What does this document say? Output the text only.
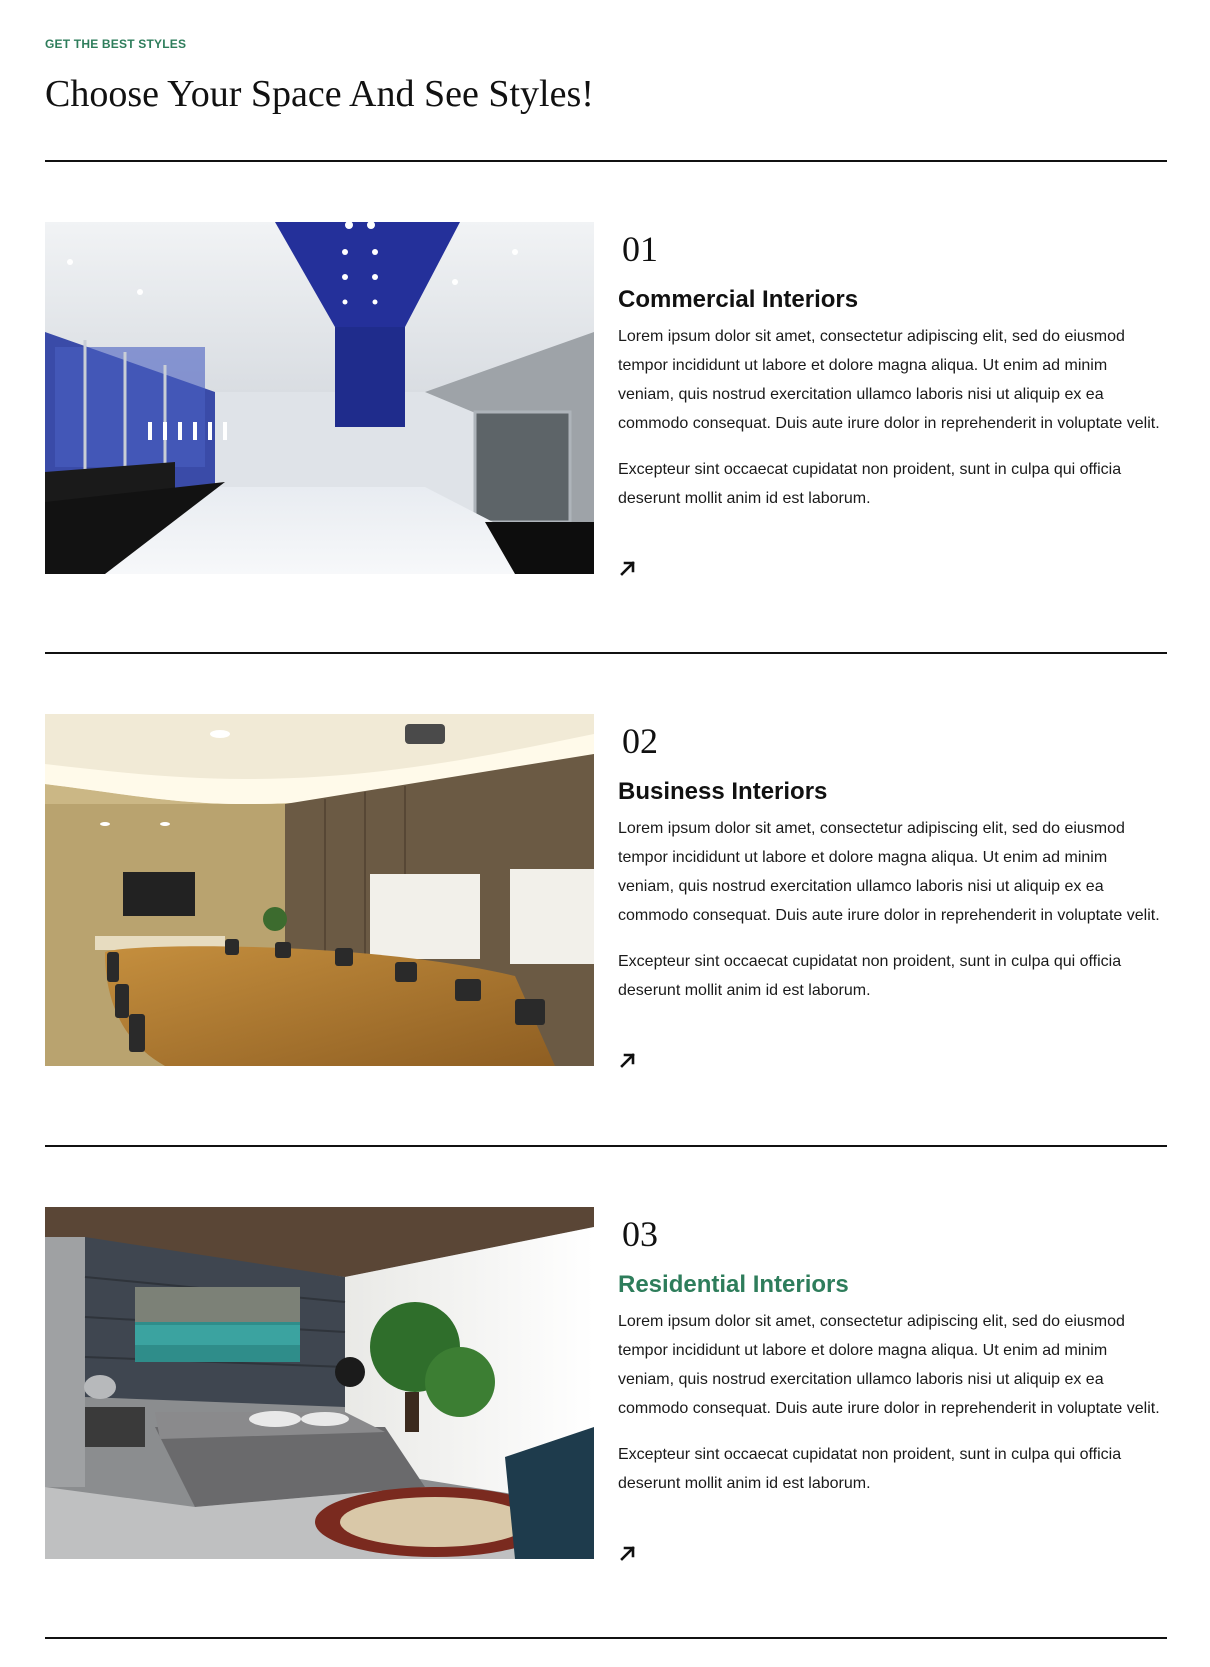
GET THE BEST STYLES
Choose Your Space And See Styles!
01
Commercial Interiors

Lorem ipsum dolor sit amet, consectetur adipiscing elit, sed do eiusmod tempor incididunt ut labore et dolore magna aliqua. Ut enim ad minim veniam, quis nostrud exercitation ullamco laboris nisi ut aliquip ex ea commodo consequat. Duis aute irure dolor in reprehenderit in voluptate velit.

Excepteur sint occaecat cupidatat non proident, sunt in culpa qui officia deserunt mollit anim id est laborum.

02
Business Interiors

Lorem ipsum dolor sit amet, consectetur adipiscing elit, sed do eiusmod tempor incididunt ut labore et dolore magna aliqua. Ut enim ad minim veniam, quis nostrud exercitation ullamco laboris nisi ut aliquip ex ea commodo consequat. Duis aute irure dolor in reprehenderit in voluptate velit.

Excepteur sint occaecat cupidatat non proident, sunt in culpa qui officia deserunt mollit anim id est laborum.

03
Residential Interiors

Lorem ipsum dolor sit amet, consectetur adipiscing elit, sed do eiusmod tempor incididunt ut labore et dolore magna aliqua. Ut enim ad minim veniam, quis nostrud exercitation ullamco laboris nisi ut aliquip ex ea commodo consequat. Duis aute irure dolor in reprehenderit in voluptate velit.

Excepteur sint occaecat cupidatat non proident, sunt in culpa qui officia deserunt mollit anim id est laborum.
